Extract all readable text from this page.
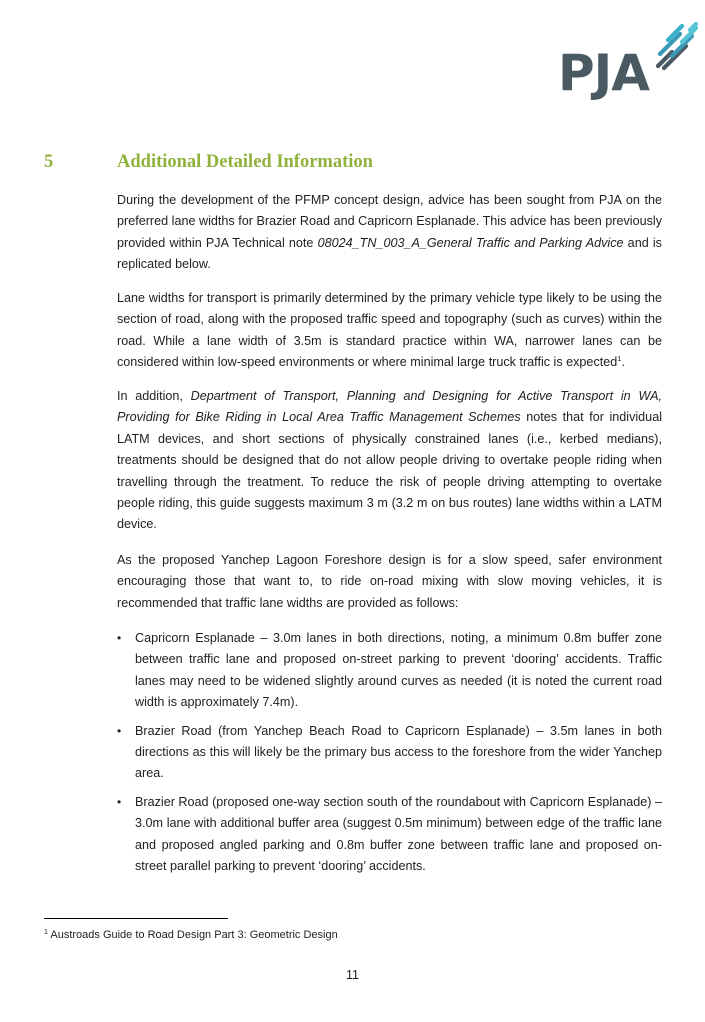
PJA
5	Additional Detailed Information

During the development of the PFMP concept design, advice has been sought from PJA on the preferred lane widths for Brazier Road and Capricorn Esplanade. This advice has been previously provided within PJA Technical note 08024_TN_003_A_General Traffic and Parking Advice and is replicated below.

Lane widths for transport is primarily determined by the primary vehicle type likely to be using the section of road, along with the proposed traffic speed and topography (such as curves) within the road. While a lane width of 3.5m is standard practice within WA, narrower lanes can be considered within low-speed environments or where minimal large truck traffic is expected$^1$.

In addition, Department of Transport, Planning and Designing for Active Transport in WA, Providing for Bike Riding in Local Area Traffic Management Schemes notes that for individual LATM devices, and short sections of physically constrained lanes (i.e., kerbed medians), treatments should be designed that do not allow people driving to overtake people riding when travelling through the treatment. To reduce the risk of people driving attempting to overtake people riding, this guide suggests maximum 3 m (3.2 m on bus routes) lane widths within a LATM device.

As the proposed Yanchep Lagoon Foreshore design is for a slow speed, safer environment encouraging those that want to, to ride on-road mixing with slow moving vehicles, it is recommended that traffic lane widths are provided as follows:

• Capricorn Esplanade – 3.0m lanes in both directions, noting, a minimum 0.8m buffer zone between traffic lane and proposed on-street parking to prevent ‘dooring’ accidents. Traffic lanes may need to be widened slightly around curves as needed (it is noted the current road width is approximately 7.4m).
• Brazier Road (from Yanchep Beach Road to Capricorn Esplanade) – 3.5m lanes in both directions as this will likely be the primary bus access to the foreshore from the wider Yanchep area.
• Brazier Road (proposed one-way section south of the roundabout with Capricorn Esplanade) – 3.0m lane with additional buffer area (suggest 0.5m minimum) between edge of the traffic lane and proposed angled parking and 0.8m buffer zone between traffic lane and proposed on-street parallel parking to prevent ‘dooring’ accidents.
$^1$ Austroads Guide to Road Design Part 3: Geometric Design
11
